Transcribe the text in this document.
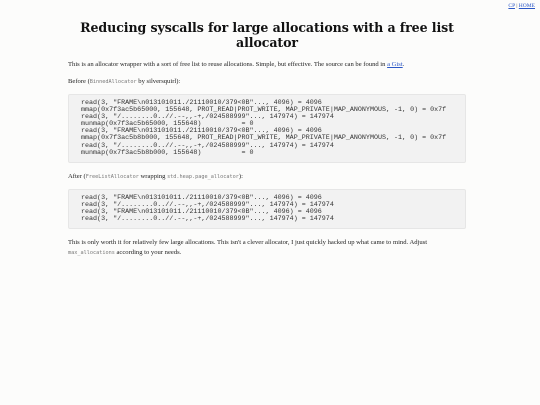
CP | HOME
Reducing syscalls for large allocations with a free list allocator

This is an allocator wrapper with a sort of free list to reuse allocations. Simple, but effective. The source can be found in a Gist.

Before (BinnedAllocator by silversquirl):

read(3, "FRAME\n013101011./21110010/379<0B"..., 4096) = 4096
mmap(0x7f3ac5b65000, 155648, PROT_READ|PROT_WRITE, MAP_PRIVATE|MAP_ANONYMOUS, -1, 0) = 0x7f
read(3, "/........0..//.--,,-+,/024588999"..., 147974) = 147974
munmap(0x7f3ac5b65000, 155648)          = 0
read(3, "FRAME\n013101011./21110010/379<0B"..., 4096) = 4096
mmap(0x7f3ac5b8b000, 155648, PROT_READ|PROT_WRITE, MAP_PRIVATE|MAP_ANONYMOUS, -1, 0) = 0x7f
read(3, "/........0..//.--,,-+,/024588999"..., 147974) = 147974
munmap(0x7f3ac5b8b000, 155648)          = 0

After (FreeListAllocator wrapping std.heap.page_allocator):

read(3, "FRAME\n013101011./21110010/379<0B"..., 4096) = 4096
read(3, "/........0..//.--,,-+,/024588999"..., 147974) = 147974
read(3, "FRAME\n013101011./21110010/379<0B"..., 4096) = 4096
read(3, "/........0..//.--,,-+,/024588999"..., 147974) = 147974

This is only worth it for relatively few large allocations. This isn't a clever allocator, I just quickly hacked up what came to mind. Adjust max_allocations according to your needs.
